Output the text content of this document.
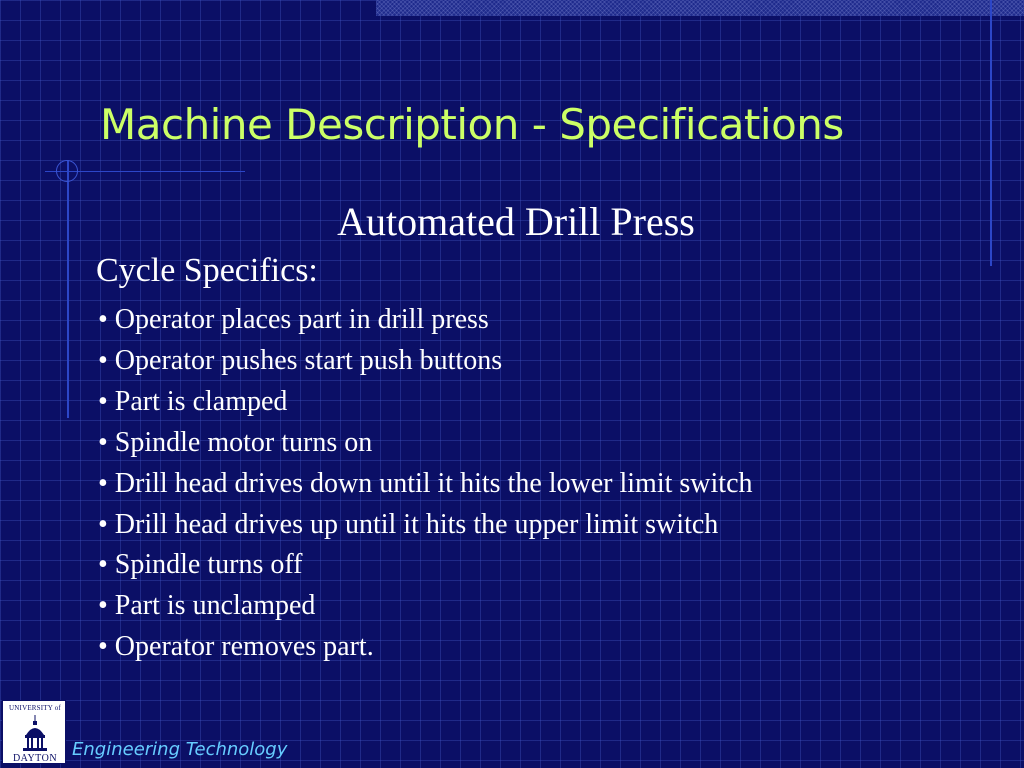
Machine Description - Specifications
Automated Drill Press
Cycle Specifics:
• Operator places part in drill press
• Operator pushes start push buttons
• Part is clamped
• Spindle motor turns on
• Drill head drives down until it hits the lower limit switch
• Drill head drives up until it hits the upper limit switch
• Spindle turns off
• Part is unclamped
• Operator removes part.
UNIVERSITY of
DAYTON Engineering Technology
